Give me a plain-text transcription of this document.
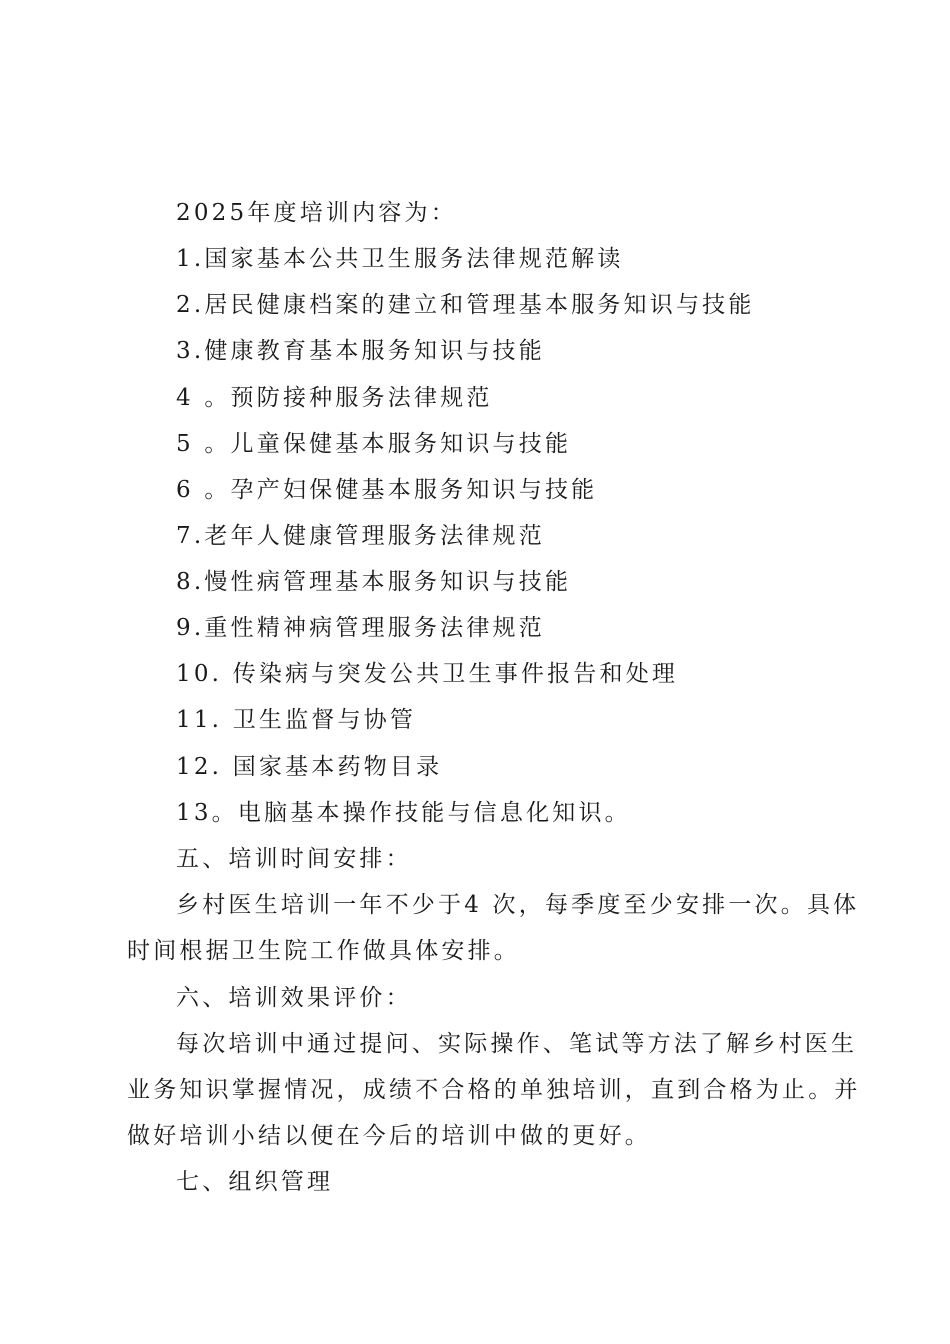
2025年度培训内容为：
1.国家基本公共卫生服务法律规范解读
2.居民健康档案的建立和管理基本服务知识与技能
3.健康教育基本服务知识与技能
4 。预防接种服务法律规范
5 。儿童保健基本服务知识与技能
6 。孕产妇保健基本服务知识与技能
7.老年人健康管理服务法律规范
8.慢性病管理基本服务知识与技能
9.重性精神病管理服务法律规范
10. 传染病与突发公共卫生事件报告和处理
11. 卫生监督与协管
12. 国家基本药物目录
13。电脑基本操作技能与信息化知识。
五、培训时间安排：
乡村医生培训一年不少于4 次，每季度至少安排一次。具体
时间根据卫生院工作做具体安排。
六、培训效果评价：
每次培训中通过提问、实际操作、笔试等方法了解乡村医生
业务知识掌握情况，成绩不合格的单独培训，直到合格为止。并
做好培训小结以便在今后的培训中做的更好。
七、组织管理
